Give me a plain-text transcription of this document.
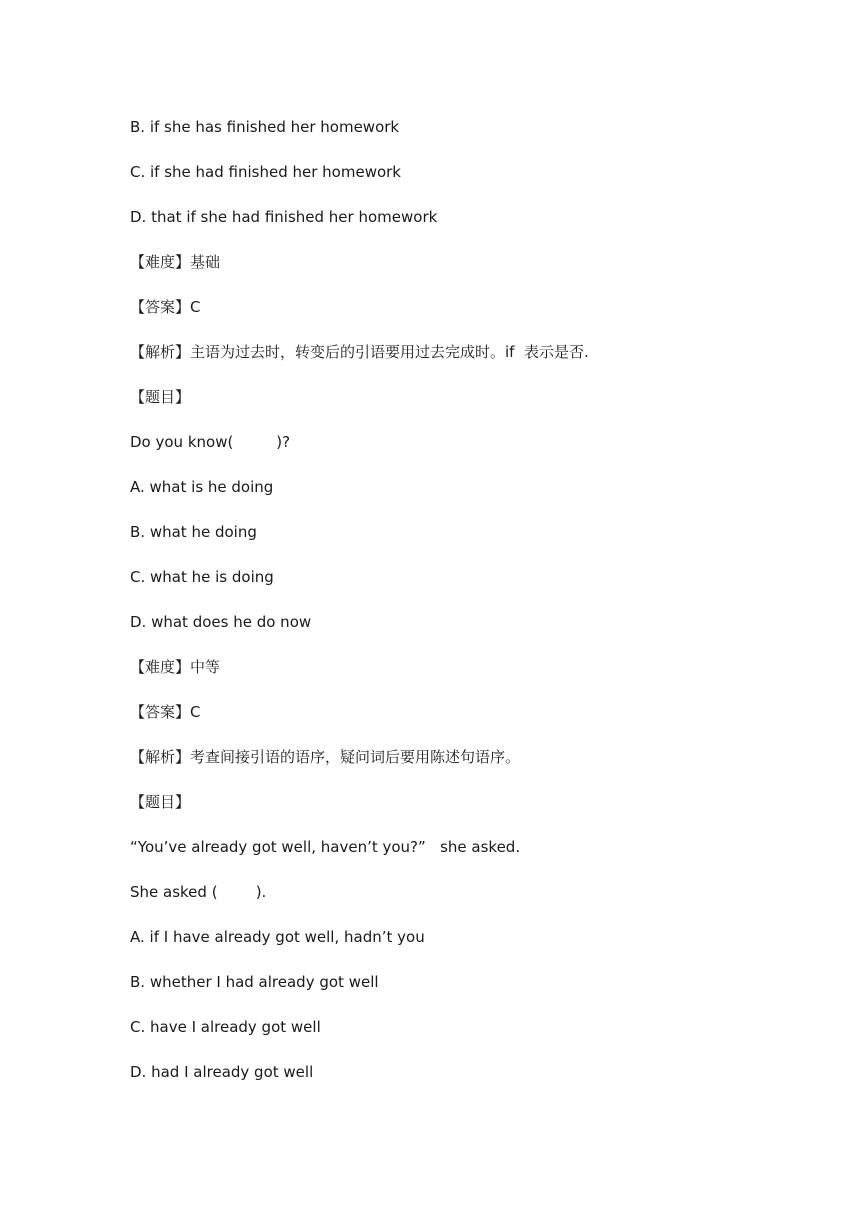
B. if she has finished her homework
C. if she had finished her homework
D. that if she had finished her homework
【难度】基础
【答案】C
【解析】主语为过去时，转变后的引语要用过去完成时。if  表示是否.
【题目】
Do you know(         )?
A. what is he doing
B. what he doing
C. what he is doing
D. what does he do now
【难度】中等
【答案】C
【解析】考查间接引语的语序，疑问词后要用陈述句语序。
【题目】
“You’ve already got well, haven’t you?”   she asked.
She asked (        ).
A. if I have already got well, hadn’t you
B. whether I had already got well
C. have I already got well
D. had I already got well
